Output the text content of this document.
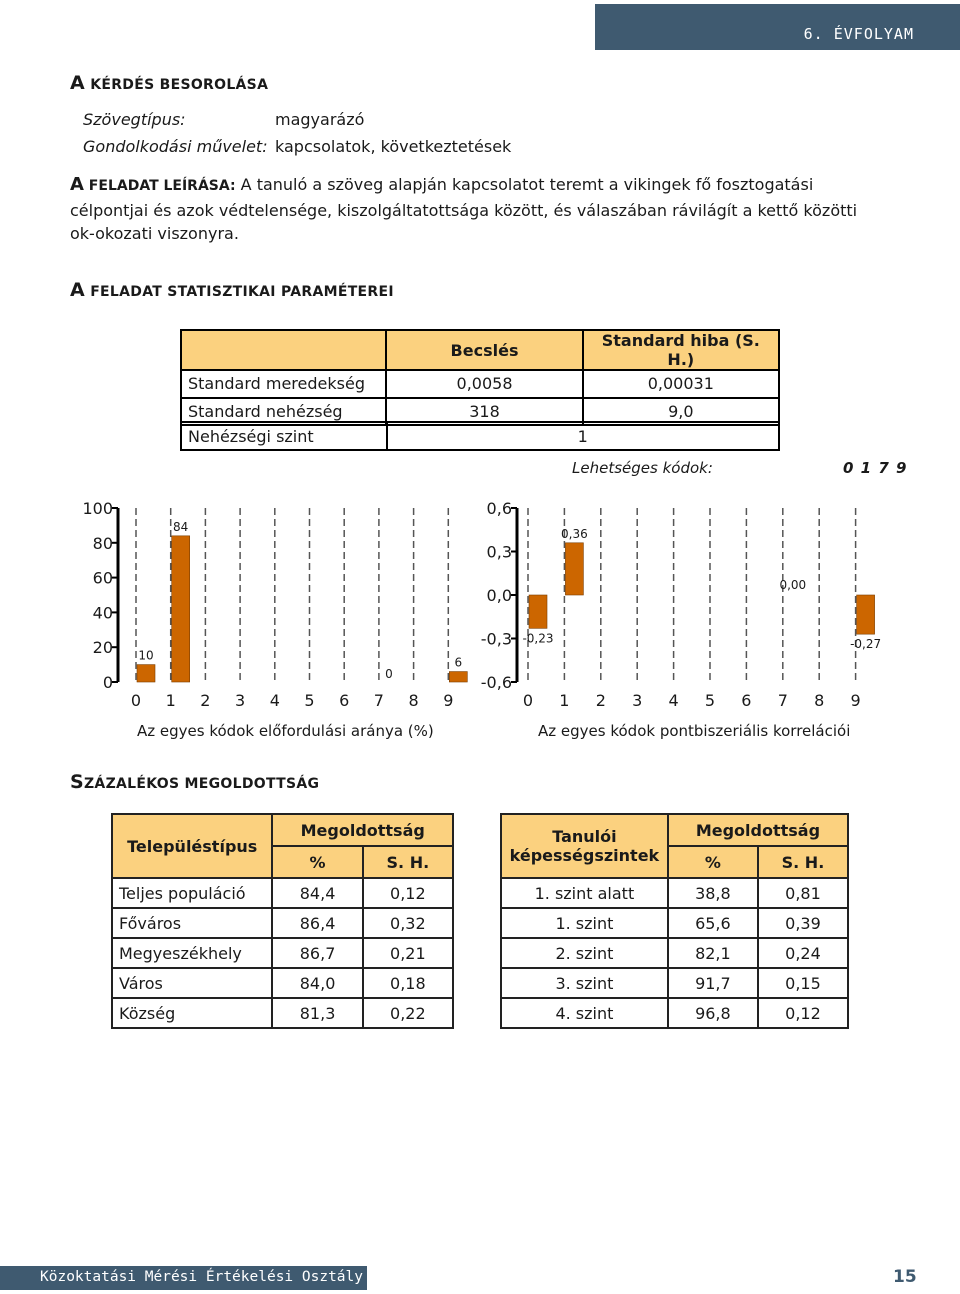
6. ÉVFOLYAM
A KÉRDÉS BESOROLÁSA
Szövegtípus:	magyarázó
Gondolkodási művelet: kapcsolatok, következtetések
A FELADAT LEÍRÁSA: A tanuló a szöveg alapján kapcsolatot teremt a vikingek fő fosztogatási célpontjai és azok védtelensége, kiszolgáltatottsága között, és válaszában rávilágít a kettő közötti ok-okozati viszonyra.
A FELADAT STATISZTIKAI PARAMÉTEREI
	Becslés	Standard hiba (S. H.)
Standard meredekség	0,0058	0,00031
Standard nehézség	318	9,0
Nehézségi szint	1
Lehetséges kódok:	0 1 7 9
0
20
40
60
80
100
0 1 2 3 4 5 6 7 8 9
10
84
0
6
-0,6
-0,3
0,0
0,3
0,6
0 1 2 3 4 5 6 7 8 9
-0,23
0,36
0,00
-0,27
Az egyes kódok előfordulási aránya (%)	Az egyes kódok pontbiszeriális korrelációi
SZÁZALÉKOS MEGOLDOTTSÁG
Településtípus	Megoldottság	
	%	S. H.
Teljes populáció	84,4	0,12
Főváros	86,4	0,32
Megyeszékhely	86,7	0,21
Város	84,0	0,18
Község	81,3	0,22
Tanulói
képességszintek	Megoldottság	
	%	S. H.
1. szint alatt	38,8	0,81
1. szint	65,6	0,39
2. szint	82,1	0,24
3. szint	91,7	0,15
4. szint	96,8	0,12
Közoktatási Mérési Értékelési Osztály	15
